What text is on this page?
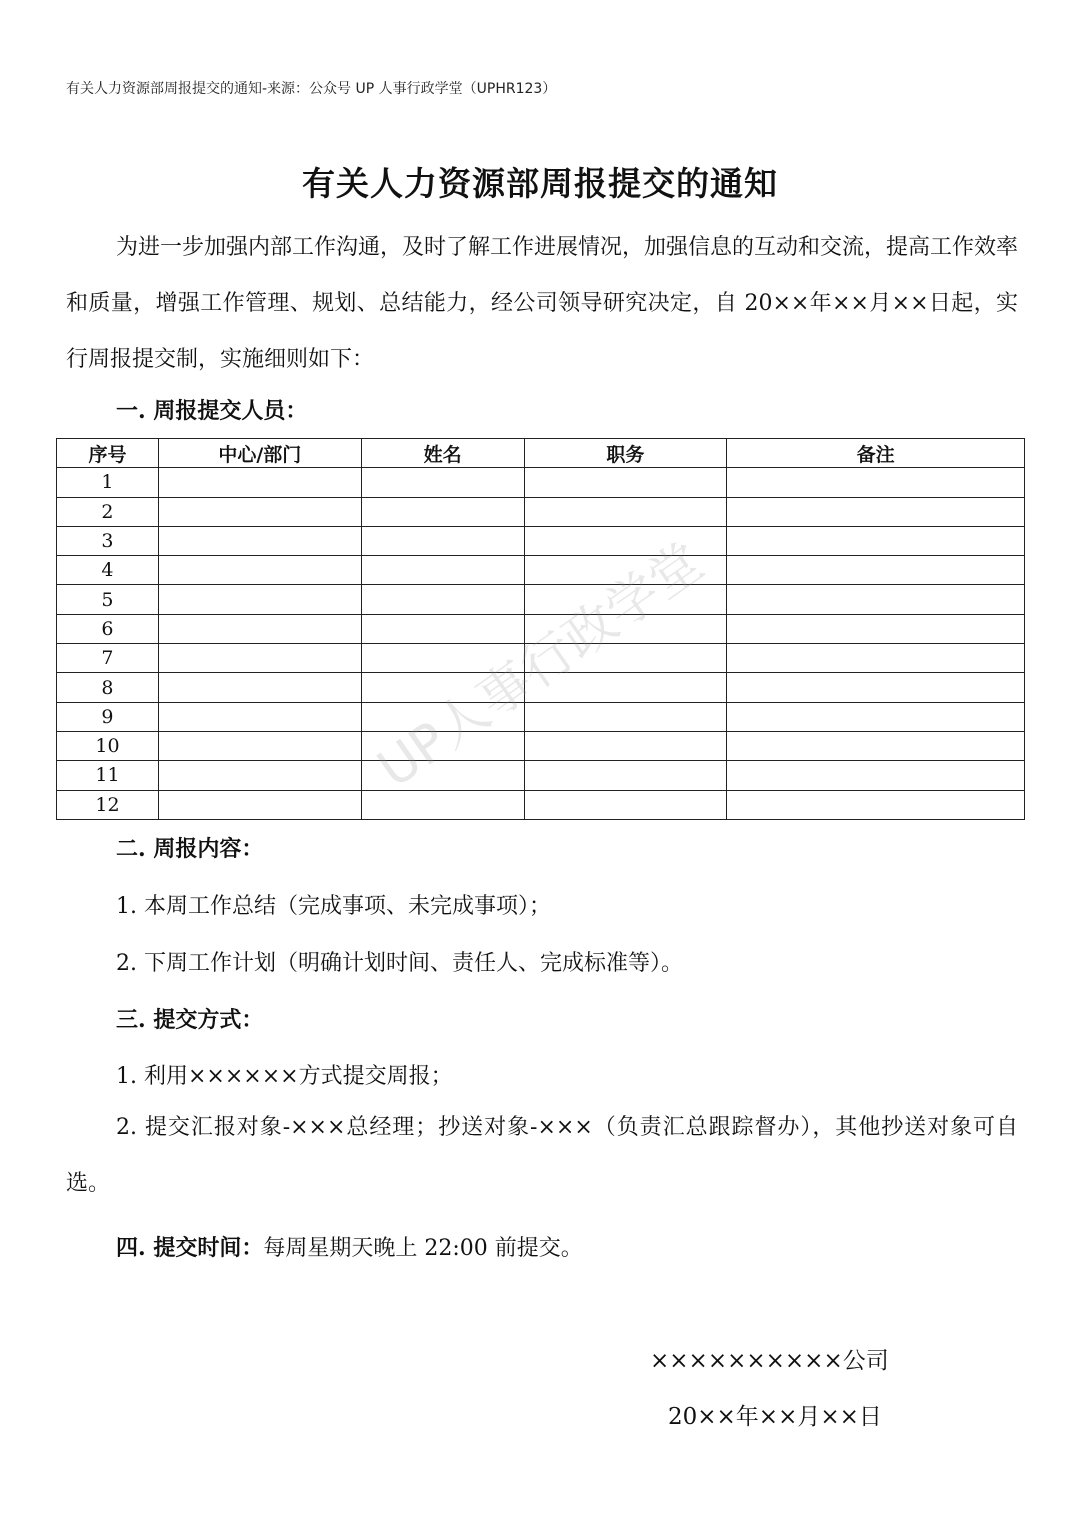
有关人力资源部周报提交的通知-来源：公众号 UP 人事行政学堂（UPHR123）
有关人力资源部周报提交的通知

为进一步加强内部工作沟通，及时了解工作进展情况，加强信息的互动和交流，提高工作效率和质量，增强工作管理、规划、总结能力，经公司领导研究决定，自 20××年××月××日起，实行周报提交制，实施细则如下：

一. 周报提交人员：
序号	中心/部门	姓名	职务	备注
1				
2				
3				
4				
5				
6				
7				
8				
9				
10				
11				
12				
二. 周报内容：
1. 本周工作总结（完成事项、未完成事项）；
2. 下周工作计划（明确计划时间、责任人、完成标准等）。
三. 提交方式：
1. 利用××××××方式提交周报；

2. 提交汇报对象-×××总经理；抄送对象-×××（负责汇总跟踪督办），其他抄送对象可自选。

四. 提交时间：每周星期天晚上 22:00 前提交。
××××××××××公司
20××年××月××日
UP人事行政学堂
